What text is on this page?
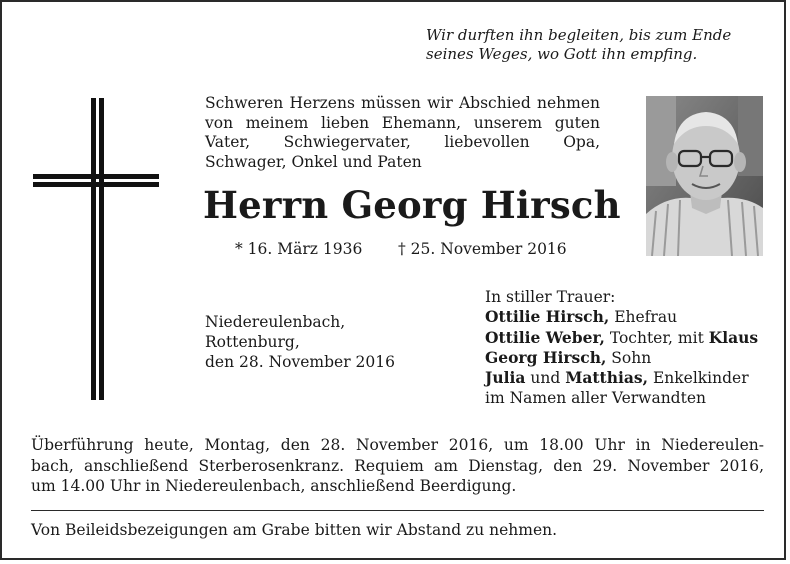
Wir durften ihn begleiten, bis zum Ende
seines Weges, wo Gott ihn empfing.
Schweren Herzens müssen wir Abschied nehmen von meinem lieben Ehemann, unserem guten Vater, Schwiegervater, liebevollen Opa, Schwager, Onkel und Paten
Herrn Georg Hirsch
* 16. März 1936 † 25. November 2016
Niedereulenbach,
Rottenburg,
den 28. November 2016
In stiller Trauer:
Ottilie Hirsch, Ehefrau
Ottilie Weber, Tochter, mit Klaus
Georg Hirsch, Sohn
Julia und Matthias, Enkelkinder
im Namen aller Verwandten
Überführung heute, Montag, den 28. November 2016, um 18.00 Uhr in Niedereulen-
bach, anschließend Sterberosenkranz. Requiem am Dienstag, den 29. November 2016,
um 14.00 Uhr in Niedereulenbach, anschließend Beerdigung.
Von Beileidsbezeigungen am Grabe bitten wir Abstand zu nehmen.
